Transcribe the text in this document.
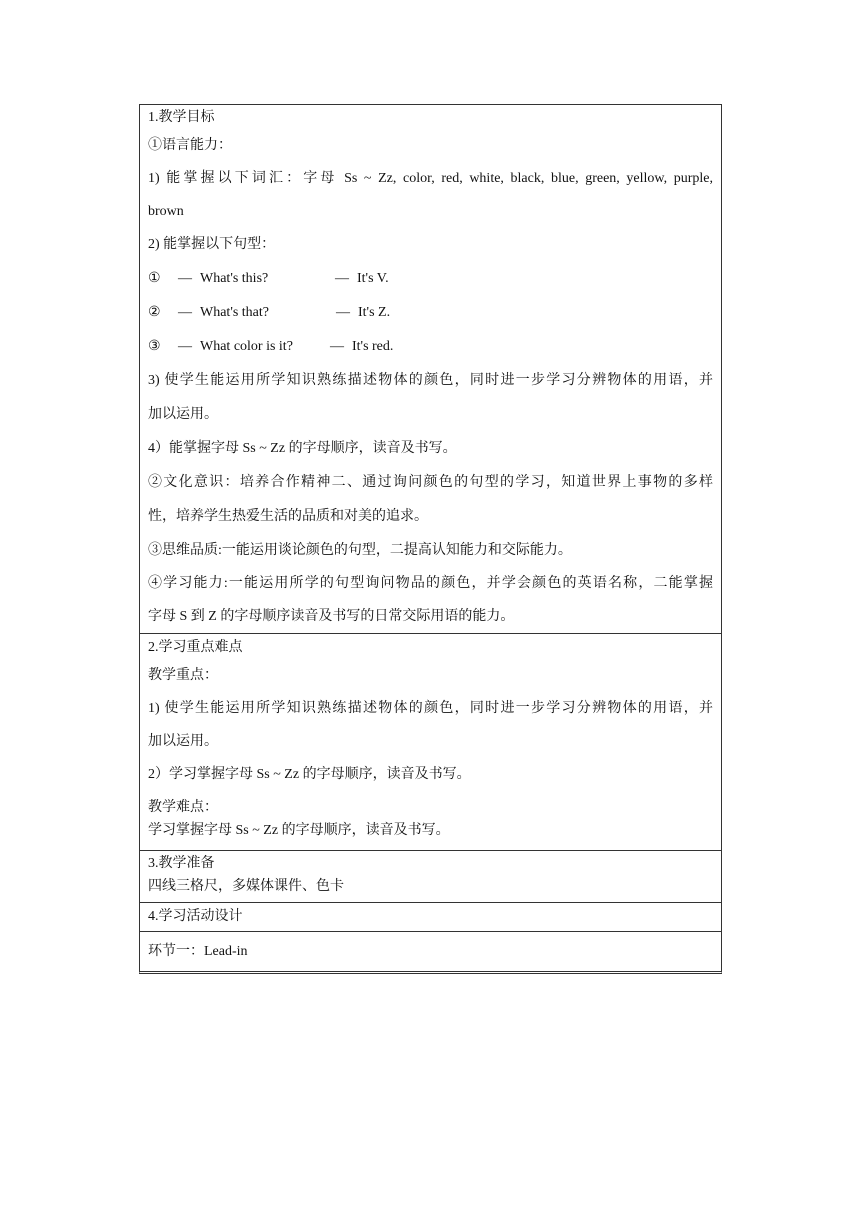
1.教学目标
①语言能力：
1) 能掌握以下词汇：字母 Ss ~ Zz, color, red, white, black, blue, green, yellow, purple,
brown
2) 能掌握以下句型：
①	— What's this?	— It's V.
②	— What's that?	— It's Z.
③	— What color is it?	— It's red.
3) 使学生能运用所学知识熟练描述物体的颜色，同时进一步学习分辨物体的用语，并
加以运用。
4）能掌握字母 Ss ~ Zz 的字母顺序，读音及书写。
②文化意识：培养合作精神二、通过询问颜色的句型的学习，知道世界上事物的多样
性，培养学生热爱生活的品质和对美的追求。
③思维品质:一能运用谈论颜色的句型，二提高认知能力和交际能力。
④学习能力:一能运用所学的句型询问物品的颜色，并学会颜色的英语名称，二能掌握
字母 S 到 Z 的字母顺序读音及书写的日常交际用语的能力。
2.学习重点难点
教学重点：
1) 使学生能运用所学知识熟练描述物体的颜色，同时进一步学习分辨物体的用语，并
加以运用。
2）学习掌握字母 Ss ~ Zz 的字母顺序，读音及书写。
教学难点：
学习掌握字母 Ss ~ Zz 的字母顺序，读音及书写。
3.教学准备
四线三格尺，多媒体课件、色卡
4.学习活动设计
环节一：Lead-in
